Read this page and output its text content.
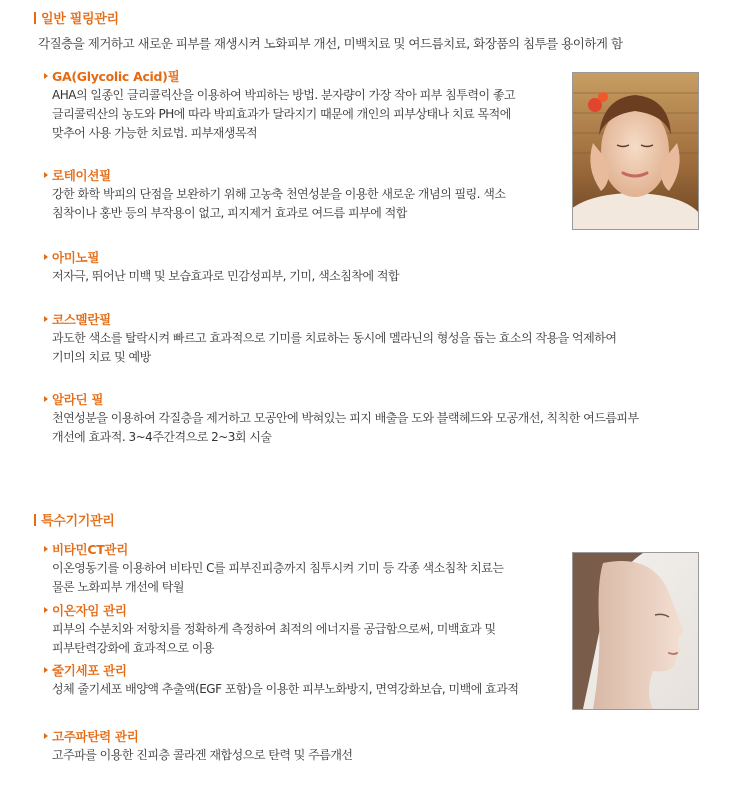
일반 필링관리
각질층을 제거하고 새로운 피부를 재생시켜 노화피부 개선, 미백치료 및 여드름치료, 화장품의 침투를 용이하게 함
GA(Glycolic Acid)필
AHA의 일종인 글리콜릭산을 이용하여 박피하는 방법. 분자량이 가장 작아 피부 침투력이 좋고
글리콜릭산의 농도와 PH에 따라 박피효과가 달라지기 때문에 개인의 피부상태나 치료 목적에
맞추어 사용 가능한 치료법. 피부재생목적
로테이션필
강한 화학 박피의 단점을 보완하기 위해 고농축 천연성분을 이용한 새로운 개념의 필링. 색소
침착이나 홍반 등의 부작용이 없고, 피지제거 효과로 여드름 피부에 적합
아미노필
저자극, 뛰어난 미백 및 보습효과로 민감성피부, 기미, 색소침착에 적합
코스멜란필
과도한 색소를 탈락시켜 빠르고 효과적으로 기미를 치료하는 동시에 멜라닌의 형성을 돕는 효소의 작용을 억제하여
기미의 치료 및 예방
알라딘 필
천연성분을 이용하여 각질층을 제거하고 모공안에 박혀있는 피지 배출을 도와 블랙헤드와 모공개선, 칙칙한 여드름피부
개선에 효과적. 3~4주간격으로 2~3회 시술
특수기기관리
비타민CT관리
이온영동기를 이용하여 비타민 C를 피부진피층까지 침투시켜 기미 등 각종 색소침착 치료는
물론 노화피부 개선에 탁월
이온자임 관리
피부의 수분치와 저항치를 정확하게 측정하여 최적의 에너지를 공급함으로써, 미백효과 및
피부탄력강화에 효과적으로 이용
줄기세포 관리
성체 줄기세포 배양액 추출액(EGF 포함)을 이용한 피부노화방지, 면역강화보습, 미백에 효과적
고주파탄력 관리
고주파를 이용한 진피층 콜라겐 재합성으로 탄력 및 주름개선
